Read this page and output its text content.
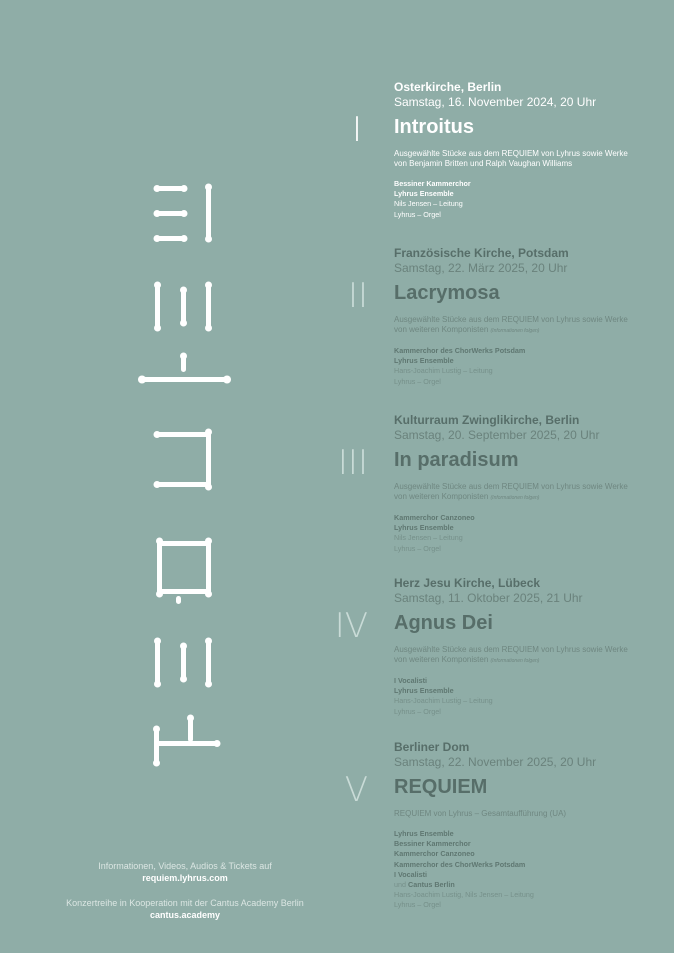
Informationen, Videos, Audios & Tickets auf
requiem.lyhrus.com
Konzertreihe in Kooperation mit der Cantus Academy Berlin
cantus.academy
I
Osterkirche, Berlin
Samstag, 16. November 2024, 20 Uhr
Introitus
Ausgewählte Stücke aus dem REQUIEM von Lyhrus sowie Werke von Benjamin Britten und Ralph Vaughan Williams
Bessiner Kammerchor
Lyhrus Ensemble
Nils Jensen – Leitung
Lyhrus – Orgel
II
Französische Kirche, Potsdam
Samstag, 22. März 2025, 20 Uhr
Lacrymosa
Ausgewählte Stücke aus dem REQUIEM von Lyhrus sowie Werke von weiteren Komponisten (Informationen folgen)
Kammerchor des ChorWerks Potsdam
Lyhrus Ensemble
Hans-Joachim Lustig – Leitung
Lyhrus – Orgel
III
Kulturraum Zwinglikirche, Berlin
Samstag, 20. September 2025, 20 Uhr
In paradisum
Ausgewählte Stücke aus dem REQUIEM von Lyhrus sowie Werke von weiteren Komponisten (Informationen folgen)
Kammerchor Canzoneo
Lyhrus Ensemble
Nils Jensen – Leitung
Lyhrus – Orgel
IV
Herz Jesu Kirche, Lübeck
Samstag, 11. Oktober 2025, 21 Uhr
Agnus Dei
Ausgewählte Stücke aus dem REQUIEM von Lyhrus sowie Werke von weiteren Komponisten (Informationen folgen)
I Vocalisti
Lyhrus Ensemble
Hans-Joachim Lustig – Leitung
Lyhrus – Orgel
V
Berliner Dom
Samstag, 22. November 2025, 20 Uhr
REQUIEM
REQUIEM von Lyhrus – Gesamtaufführung (UA)
Lyhrus Ensemble
Bessiner Kammerchor
Kammerchor Canzoneo
Kammerchor des ChorWerks Potsdam
I Vocalisti
und Cantus Berlin
Hans-Joachim Lustig, Nils Jensen – Leitung
Lyhrus – Orgel
